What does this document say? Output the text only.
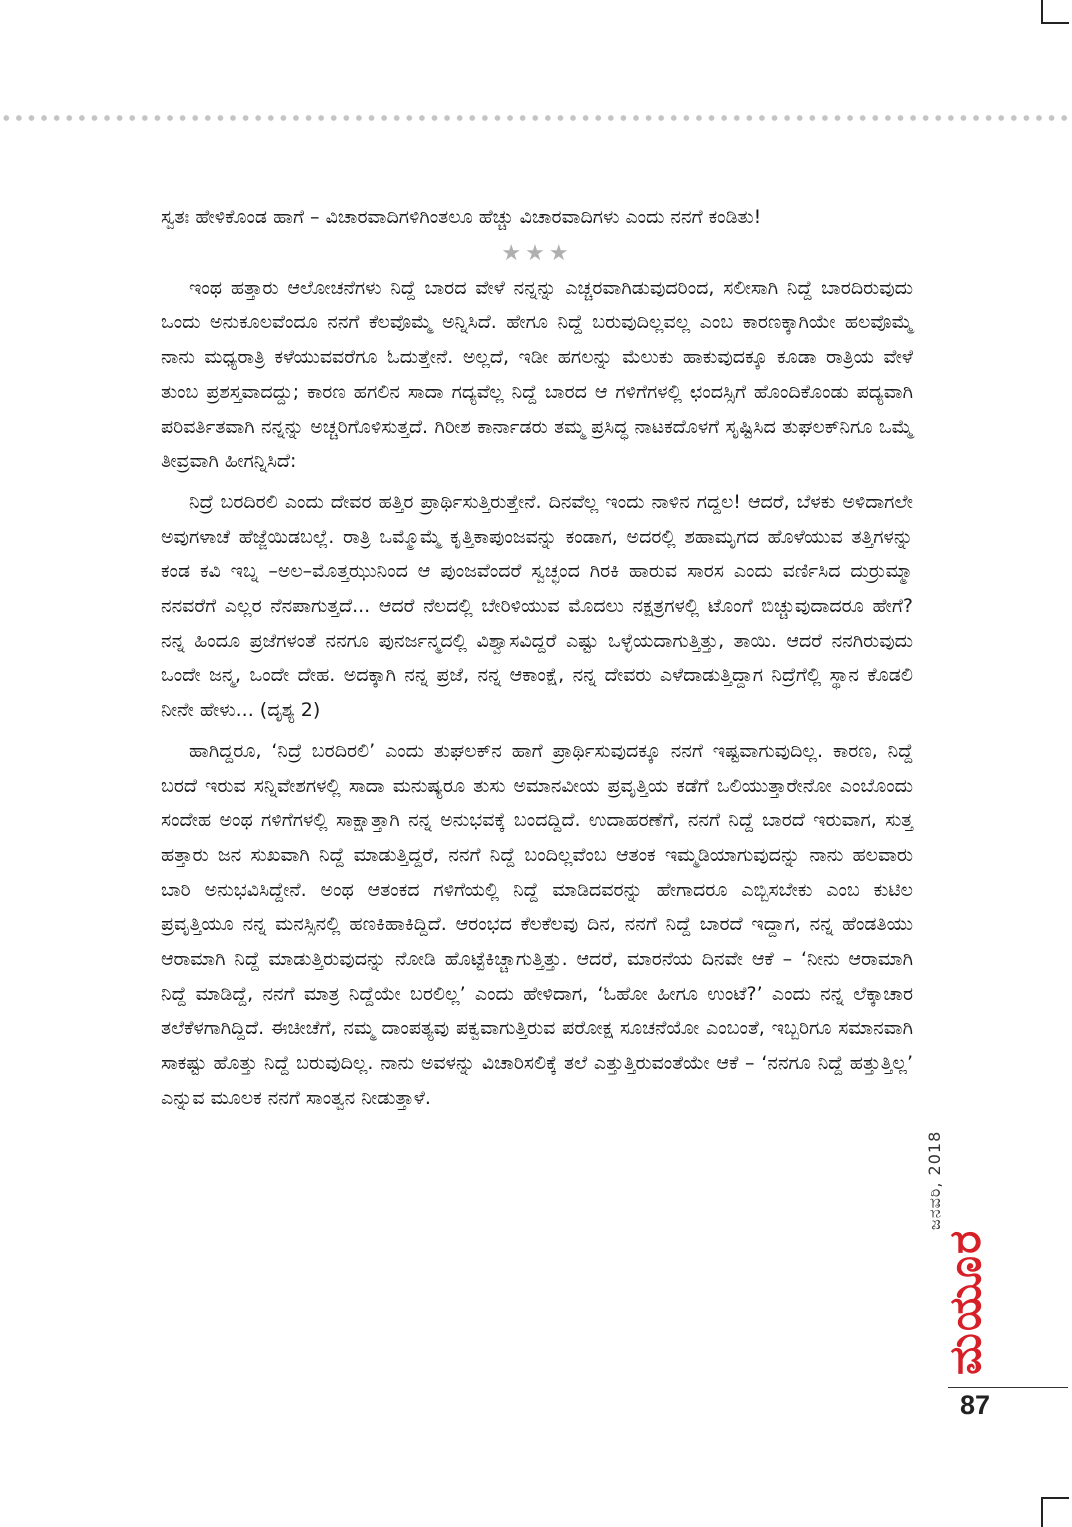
ಸ್ವತಃ ಹೇಳಿಕೊಂಡ ಹಾಗೆ – ವಿಚಾರವಾದಿಗಳಿಗಿಂತಲೂ ಹೆಚ್ಚು ವಿಚಾರವಾದಿಗಳು ಎಂದು ನನಗೆ ಕಂಡಿತು!

★★★

ಇಂಥ ಹತ್ತಾರು ಆಲೋಚನೆಗಳು ನಿದ್ದೆ ಬಾರದ ವೇಳೆ ನನ್ನನ್ನು ಎಚ್ಚರವಾಗಿಡುವುದರಿಂದ, ಸಲೀಸಾಗಿ ನಿದ್ದೆ ಬಾರದಿರುವುದು ಒಂದು ಅನುಕೂಲವೆಂದೂ ನನಗೆ ಕೆಲವೊಮ್ಮೆ ಅನ್ನಿಸಿದೆ. ಹೇಗೂ ನಿದ್ದೆ ಬರುವುದಿಲ್ಲವಲ್ಲ ಎಂಬ ಕಾರಣಕ್ಕಾಗಿಯೇ ಹಲವೊಮ್ಮೆ ನಾನು ಮಧ್ಯರಾತ್ರಿ ಕಳೆಯುವವರೆಗೂ ಓದುತ್ತೇನೆ. ಅಲ್ಲದೆ, ಇಡೀ ಹಗಲನ್ನು ಮೆಲುಕು ಹಾಕುವುದಕ್ಕೂ ಕೂಡಾ ರಾತ್ರಿಯ ವೇಳೆ ತುಂಬ ಪ್ರಶಸ್ತವಾದದ್ದು; ಕಾರಣ ಹಗಲಿನ ಸಾದಾ ಗದ್ಯವೆಲ್ಲ ನಿದ್ದೆ ಬಾರದ ಆ ಗಳಿಗೆಗಳಲ್ಲಿ ಛಂದಸ್ಸಿಗೆ ಹೊಂದಿಕೊಂಡು ಪದ್ಯವಾಗಿ ಪರಿವರ್ತಿತವಾಗಿ ನನ್ನನ್ನು ಅಚ್ಚರಿಗೊಳಿಸುತ್ತದೆ. ಗಿರೀಶ ಕಾರ್ನಾಡರು ತಮ್ಮ ಪ್ರಸಿದ್ಧ ನಾಟಕದೊಳಗೆ ಸೃಷ್ಟಿಸಿದ ತುಘಲಕ್‌ನಿಗೂ ಒಮ್ಮೆ ತೀವ್ರವಾಗಿ ಹೀಗನ್ನಿಸಿದೆ:

ನಿದ್ರೆ ಬರದಿರಲಿ ಎಂದು ದೇವರ ಹತ್ತಿರ ಪ್ರಾರ್ಥಿಸುತ್ತಿರುತ್ತೇನೆ. ದಿನವೆಲ್ಲ ಇಂದು ನಾಳಿನ ಗದ್ದಲ! ಆದರೆ, ಬೆಳಕು ಅಳಿದಾಗಲೇ ಅವುಗಳಾಚೆ ಹೆಜ್ಜೆಯಿಡಬಲ್ಲೆ. ರಾತ್ರಿ ಒಮ್ಮೊಮ್ಮೆ ಕೃತ್ತಿಕಾಪುಂಜವನ್ನು ಕಂಡಾಗ, ಅದರಲ್ಲಿ ಶಹಾಮೃಗದ ಹೊಳೆಯುವ ತತ್ತಿಗಳನ್ನು ಕಂಡ ಕವಿ ಇಬ್ನ –ಅಲ–ಮೊತ್ತಝುನಿಂದ ಆ ಪುಂಜವೆಂದರೆ ಸ್ವಚ್ಛಂದ ಗಿರಕಿ ಹಾರುವ ಸಾರಸ ಎಂದು ವರ್ಣಿಸಿದ ದುರ್‍ರುಮ್ಮಾ ನನವರೆಗೆ ಎಲ್ಲರ ನೆನಪಾಗುತ್ತದೆ... ಆದರೆ ನೆಲದಲ್ಲಿ ಬೇರಿಳಿಯುವ ಮೊದಲು ನಕ್ಷತ್ರಗಳಲ್ಲಿ ಟೊಂಗೆ ಬಿಚ್ಚುವುದಾದರೂ ಹೇಗೆ? ನನ್ನ ಹಿಂದೂ ಪ್ರಜೆಗಳಂತೆ ನನಗೂ ಪುನರ್ಜನ್ಮದಲ್ಲಿ ವಿಶ್ವಾಸವಿದ್ದರೆ ಎಷ್ಟು ಒಳ್ಳೆಯದಾಗುತ್ತಿತ್ತು, ತಾಯಿ. ಆದರೆ ನನಗಿರುವುದು ಒಂದೇ ಜನ್ಮ, ಒಂದೇ ದೇಹ. ಅದಕ್ಕಾಗಿ ನನ್ನ ಪ್ರಜೆ, ನನ್ನ ಆಕಾಂಕ್ಷೆ, ನನ್ನ ದೇವರು ಎಳೆದಾಡುತ್ತಿದ್ದಾಗ ನಿದ್ರೆಗೆಲ್ಲಿ ಸ್ಥಾನ ಕೊಡಲಿ ನೀನೇ ಹೇಳು... (ದೃಶ್ಯ 2)

ಹಾಗಿದ್ದರೂ, ‘ನಿದ್ರೆ ಬರದಿರಲಿ’ ಎಂದು ತುಘಲಕ್‌ನ ಹಾಗೆ ಪ್ರಾರ್ಥಿಸುವುದಕ್ಕೂ ನನಗೆ ಇಷ್ಟವಾಗುವುದಿಲ್ಲ. ಕಾರಣ, ನಿದ್ದೆ ಬರದೆ ಇರುವ ಸನ್ನಿವೇಶಗಳಲ್ಲಿ ಸಾದಾ ಮನುಷ್ಯರೂ ತುಸು ಅಮಾನವೀಯ ಪ್ರವೃತ್ತಿಯ ಕಡೆಗೆ ಒಲಿಯುತ್ತಾರೇನೋ ಎಂಬೊಂದು ಸಂದೇಹ ಅಂಥ ಗಳಿಗೆಗಳಲ್ಲಿ ಸಾಕ್ಷಾತ್ತಾಗಿ ನನ್ನ ಅನುಭವಕ್ಕೆ ಬಂದದ್ದಿದೆ. ಉದಾಹರಣೆಗೆ, ನನಗೆ ನಿದ್ದೆ ಬಾರದೆ ಇರುವಾಗ, ಸುತ್ತ ಹತ್ತಾರು ಜನ ಸುಖವಾಗಿ ನಿದ್ದೆ ಮಾಡುತ್ತಿದ್ದರೆ, ನನಗೆ ನಿದ್ದೆ ಬಂದಿಲ್ಲವೆಂಬ ಆತಂಕ ಇಮ್ಮಡಿಯಾಗುವುದನ್ನು ನಾನು ಹಲವಾರು ಬಾರಿ ಅನುಭವಿಸಿದ್ದೇನೆ. ಅಂಥ ಆತಂಕದ ಗಳಿಗೆಯಲ್ಲಿ ನಿದ್ದೆ ಮಾಡಿದವರನ್ನು ಹೇಗಾದರೂ ಎಬ್ಬಿಸಬೇಕು ಎಂಬ ಕುಟಿಲ ಪ್ರವೃತ್ತಿಯೂ ನನ್ನ ಮನಸ್ಸಿನಲ್ಲಿ ಹಣಕಿಹಾಕಿದ್ದಿದೆ. ಆರಂಭದ ಕೆಲಕೆಲವು ದಿನ, ನನಗೆ ನಿದ್ದೆ ಬಾರದೆ ಇದ್ದಾಗ, ನನ್ನ ಹೆಂಡತಿಯು ಆರಾಮಾಗಿ ನಿದ್ದೆ ಮಾಡುತ್ತಿರುವುದನ್ನು ನೋಡಿ ಹೊಟ್ಟೆಕಿಚ್ಚಾಗುತ್ತಿತ್ತು. ಆದರೆ, ಮಾರನೆಯ ದಿನವೇ ಆಕೆ – ‘ನೀನು ಆರಾಮಾಗಿ ನಿದ್ದೆ ಮಾಡಿದ್ದೆ, ನನಗೆ ಮಾತ್ರ ನಿದ್ದೆಯೇ ಬರಲಿಲ್ಲ’ ಎಂದು ಹೇಳಿದಾಗ, ‘ಓಹೋ ಹೀಗೂ ಉಂಟೆ?’ ಎಂದು ನನ್ನ ಲೆಕ್ಕಾಚಾರ ತಲೆಕೆಳಗಾಗಿದ್ದಿದೆ. ಈಚೀಚೆಗೆ, ನಮ್ಮ ದಾಂಪತ್ಯವು ಪಕ್ವವಾಗುತ್ತಿರುವ ಪರೋಕ್ಷ ಸೂಚನೆಯೋ ಎಂಬಂತೆ, ಇಬ್ಬರಿಗೂ ಸಮಾನವಾಗಿ ಸಾಕಷ್ಟು ಹೊತ್ತು ನಿದ್ದೆ ಬರುವುದಿಲ್ಲ. ನಾನು ಅವಳನ್ನು ವಿಚಾರಿಸಲಿಕ್ಕೆ ತಲೆ ಎತ್ತುತ್ತಿರುವಂತೆಯೇ ಆಕೆ – ‘ನನಗೂ ನಿದ್ದೆ ಹತ್ತುತ್ತಿಲ್ಲ’ ಎನ್ನುವ ಮೂಲಕ ನನಗೆ ಸಾಂತ್ವನ ನೀಡುತ್ತಾಳೆ.

ಜನವರಿ, 2018
ಮಯೂರ
87
